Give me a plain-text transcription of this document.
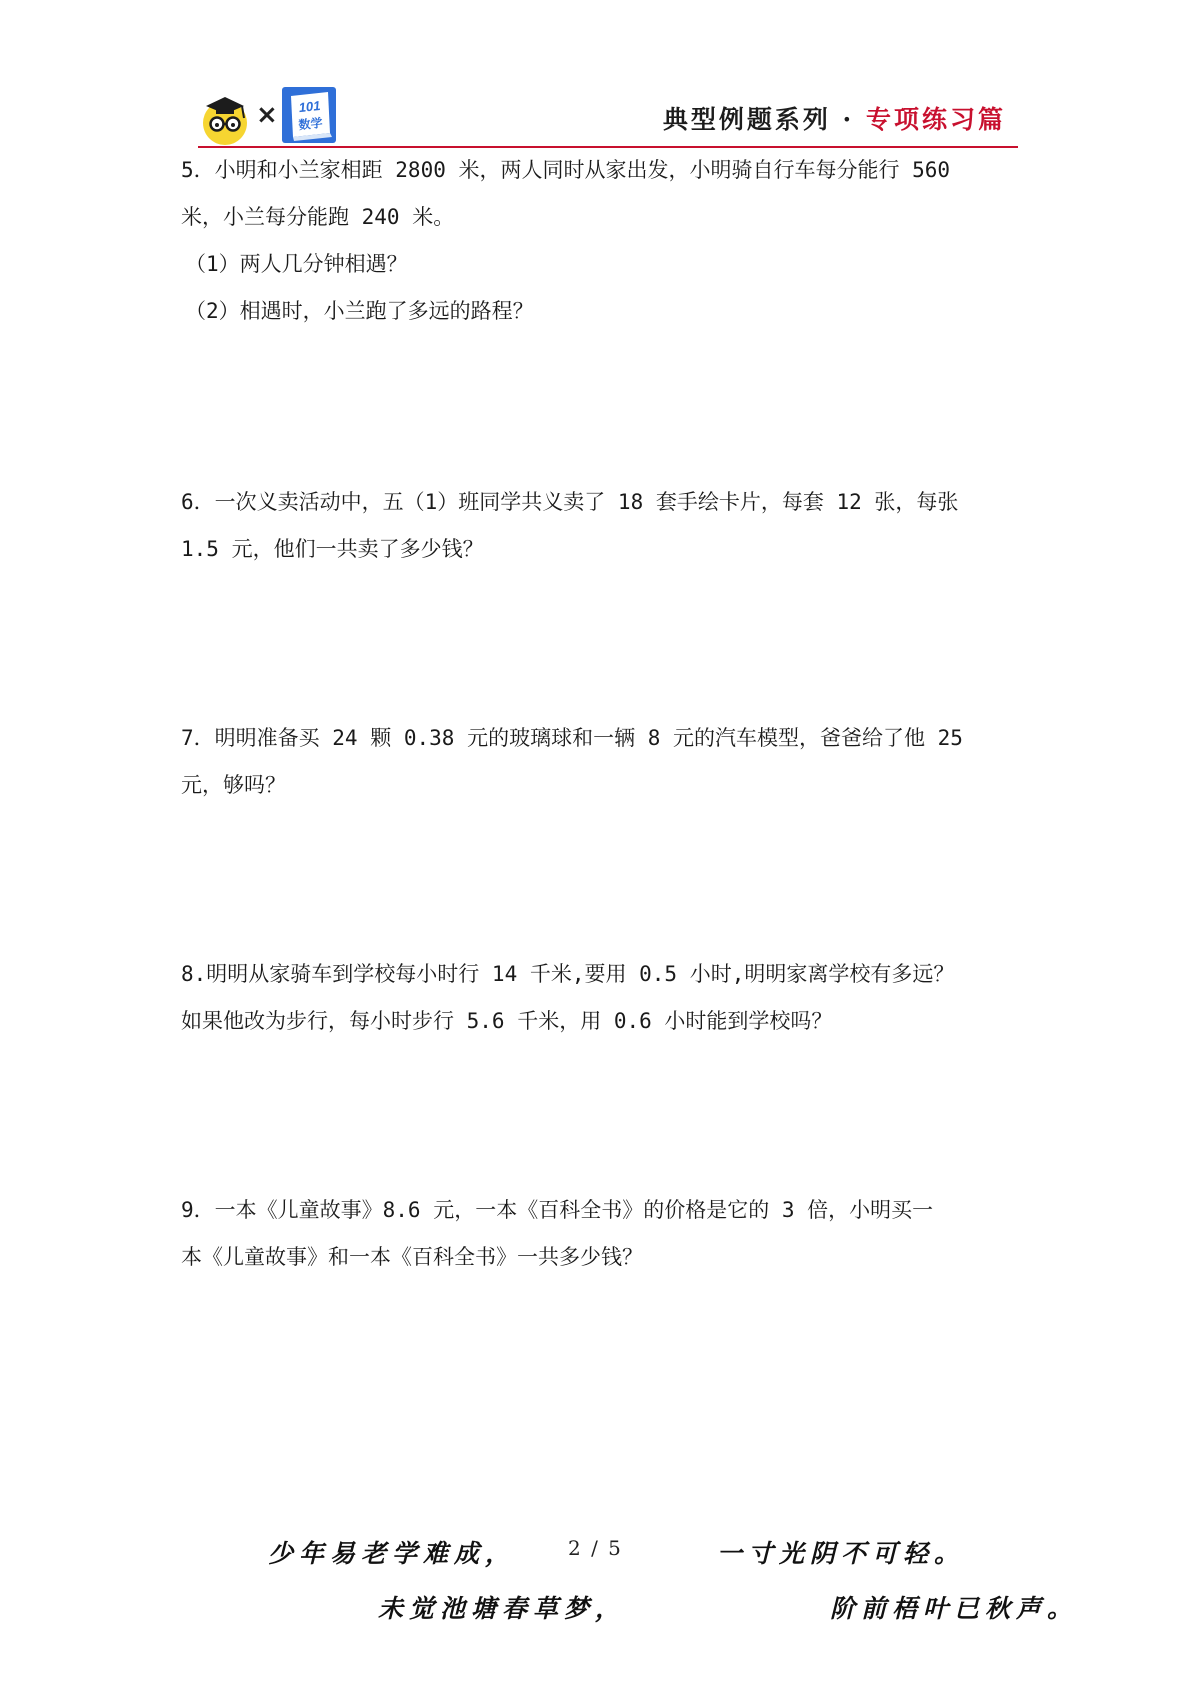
× 101
数学	典型例题系列 · 专项练习篇

5．小明和小兰家相距 2800 米，两人同时从家出发，小明骑自行车每分能行 560

米，小兰每分能跑 240 米。

（1）两人几分钟相遇？

（2）相遇时，小兰跑了多远的路程？

6．一次义卖活动中，五（1）班同学共义卖了 18 套手绘卡片，每套 12 张，每张

1.5 元，他们一共卖了多少钱？

7．明明准备买 24 颗 0.38 元的玻璃球和一辆 8 元的汽车模型，爸爸给了他 25

元，够吗？

8.明明从家骑车到学校每小时行 14 千米,要用 0.5 小时,明明家离学校有多远？

如果他改为步行，每小时步行 5.6 千米，用 0.6 小时能到学校吗？

9．一本《儿童故事》8.6 元，一本《百科全书》的价格是它的 3 倍，小明买一

本《儿童故事》和一本《百科全书》一共多少钱？

少年易老学难成，	2 / 5	一寸光阴不可轻。
未觉池塘春草梦，	阶前梧叶已秋声。
